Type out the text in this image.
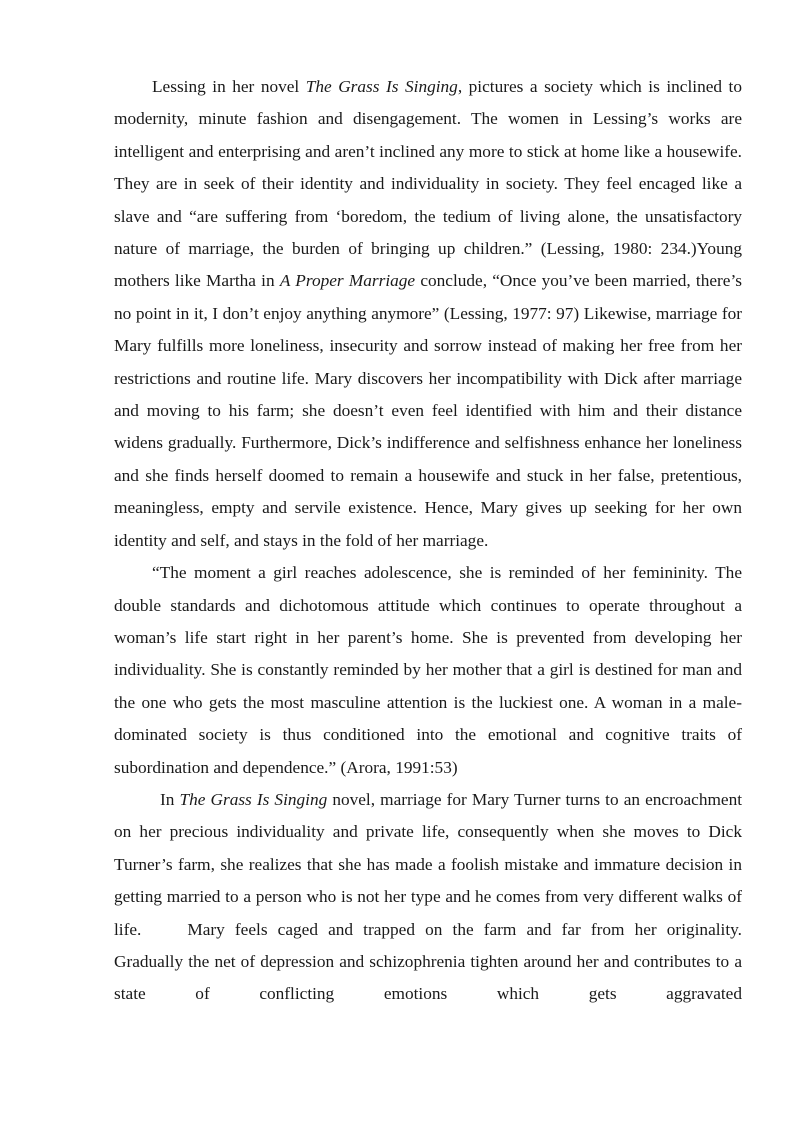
Lessing in her novel The Grass Is Singing, pictures a society which is inclined to modernity, minute fashion and disengagement. The women in Lessing’s works are intelligent and enterprising and aren’t inclined any more to stick at home like a housewife. They are in seek of their identity and individuality in society. They feel encaged like a slave and “are suffering from ‘boredom, the tedium of living alone, the unsatisfactory nature of marriage, the burden of bringing up children.” (Lessing, 1980: 234.)Young mothers like Martha in A Proper Marriage conclude, “Once you’ve been married, there’s no point in it, I don’t enjoy anything anymore” (Lessing, 1977: 97) Likewise, marriage for Mary fulfills more loneliness, insecurity and sorrow instead of making her free from her restrictions and routine life. Mary discovers her incompatibility with Dick after marriage and moving to his farm; she doesn’t even feel identified with him and their distance widens gradually. Furthermore, Dick’s indifference and selfishness enhance her loneliness and she finds herself doomed to remain a housewife and stuck in her false, pretentious, meaningless, empty and servile existence. Hence, Mary gives up seeking for her own identity and self, and stays in the fold of her marriage.

“The moment a girl reaches adolescence, she is reminded of her femininity. The double standards and dichotomous attitude which continues to operate throughout a woman’s life start right in her parent’s home. She is prevented from developing her individuality. She is constantly reminded by her mother that a girl is destined for man and the one who gets the most masculine attention is the luckiest one. A woman in a male-dominated society is thus conditioned into the emotional and cognitive traits of subordination and dependence.” (Arora, 1991:53)

In The Grass Is Singing novel, marriage for Mary Turner turns to an encroachment on her precious individuality and private life, consequently when she moves to Dick Turner’s farm, she realizes that she has made a foolish mistake and immature decision in getting married to a person who is not her type and he comes from very different walks of life.	Mary feels caged and trapped on the farm and far from her originality. Gradually the net of depression and schizophrenia tighten around her and contributes to a state of conflicting emotions which gets aggravated
